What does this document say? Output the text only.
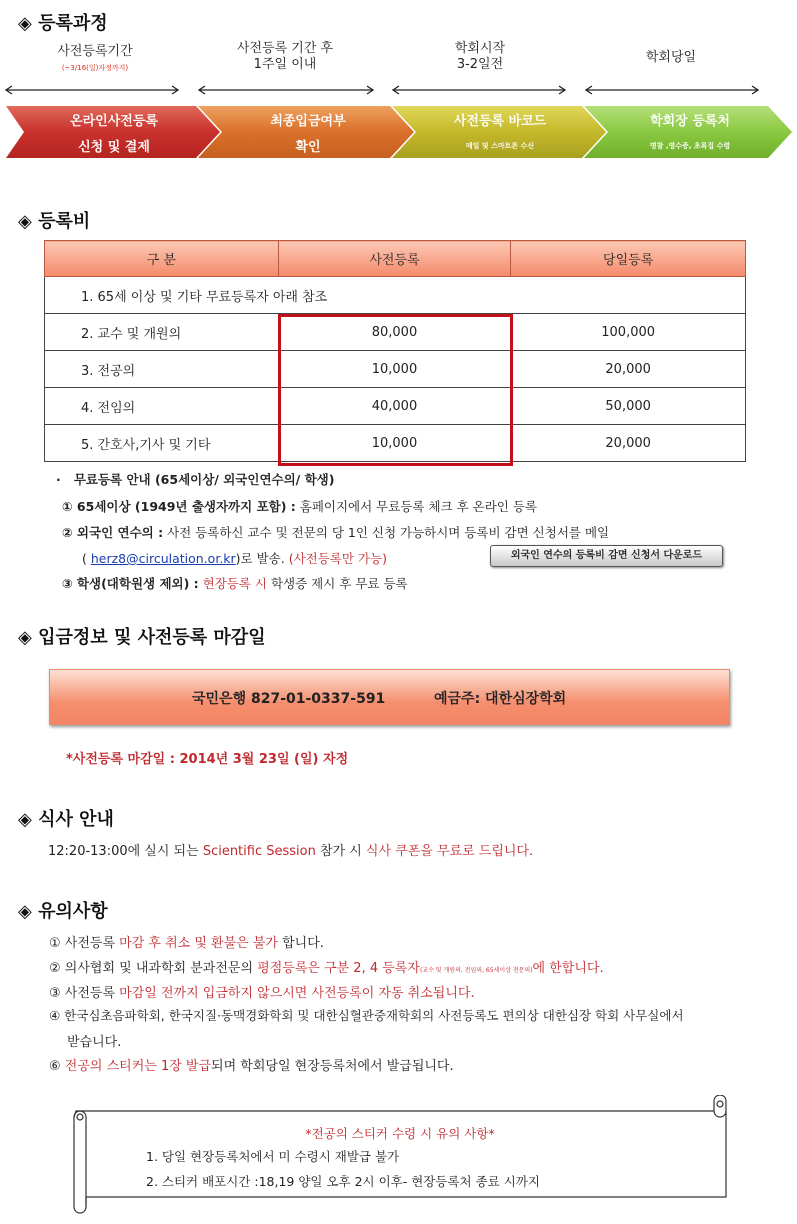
◈ 등록과정
사전등록기간
(~3/16(일)자정까지)
사전등록 기간 후
1주일 이내
학회시작
3-2일전	학회당일
온라인사전등록
신청 및 결제
최종입금여부
확인
사전등록 바코드
메일 및 스마트폰 수신
학회장 등록처
명찰 ,영수증, 초록집 수령
◈ 등록비
구 분	사전등록	당일등록
1. 65세 이상 및 기타 무료등록자 아래 참조		
2. 교수 및 개원의	80,000	100,000
3. 전공의	10,000	20,000
4. 전임의	40,000	50,000
5. 간호사,기사 및 기타	10,000	20,000
· 무료등록 안내 (65세이상/ 외국인연수의/ 학생)
① 65세이상 (1949년 출생자까지 포함) : 홈페이지에서 무료등록 체크 후 온라인 등록
② 외국인 연수의 : 사전 등록하신 교수 및 전문의 당 1인 신청 가능하시며 등록비 감면 신청서를 메일
( herz8@circulation.or.kr)로 발송. (사전등록만 가능)	외국인 연수의 등록비 감면 신청서 다운로드
③ 학생(대학원생 제외) : 현장등록 시 학생증 제시 후 무료 등록
◈ 입금정보 및 사전등록 마감일
국민은행 827-01-0337-591	예금주: 대한심장학회
*사전등록 마감일 : 2014년 3월 23일 (일) 자정
◈ 식사 안내
12:20-13:00에 실시 되는 Scientific Session 참가 시 식사 쿠폰을 무료로 드립니다.
◈ 유의사항
① 사전등록 마감 후 취소 및 환불은 불가 합니다.
② 의사협회 및 내과학회 분과전문의 평점등록은 구분 2, 4 등록자(교수 및 개원의, 전임의, 65세이상 전문의)에 한합니다.
③ 사전등록 마감일 전까지 입금하지 않으시면 사전등록이 자동 취소됩니다.
④ 한국심초음파학회, 한국지질·동맥경화학회 및 대한심혈관중재학회의 사전등록도 편의상 대한심장 학회 사무실에서
받습니다.
⑥ 전공의 스티커는 1장 발급되며 학회당일 현장등록처에서 발급됩니다.
*전공의 스티커 수령 시 유의 사항*
1. 당일 현장등록처에서 미 수령시 재발급 불가
2. 스티커 배포시간 :18,19 양일 오후 2시 이후- 현장등록처 종료 시까지
